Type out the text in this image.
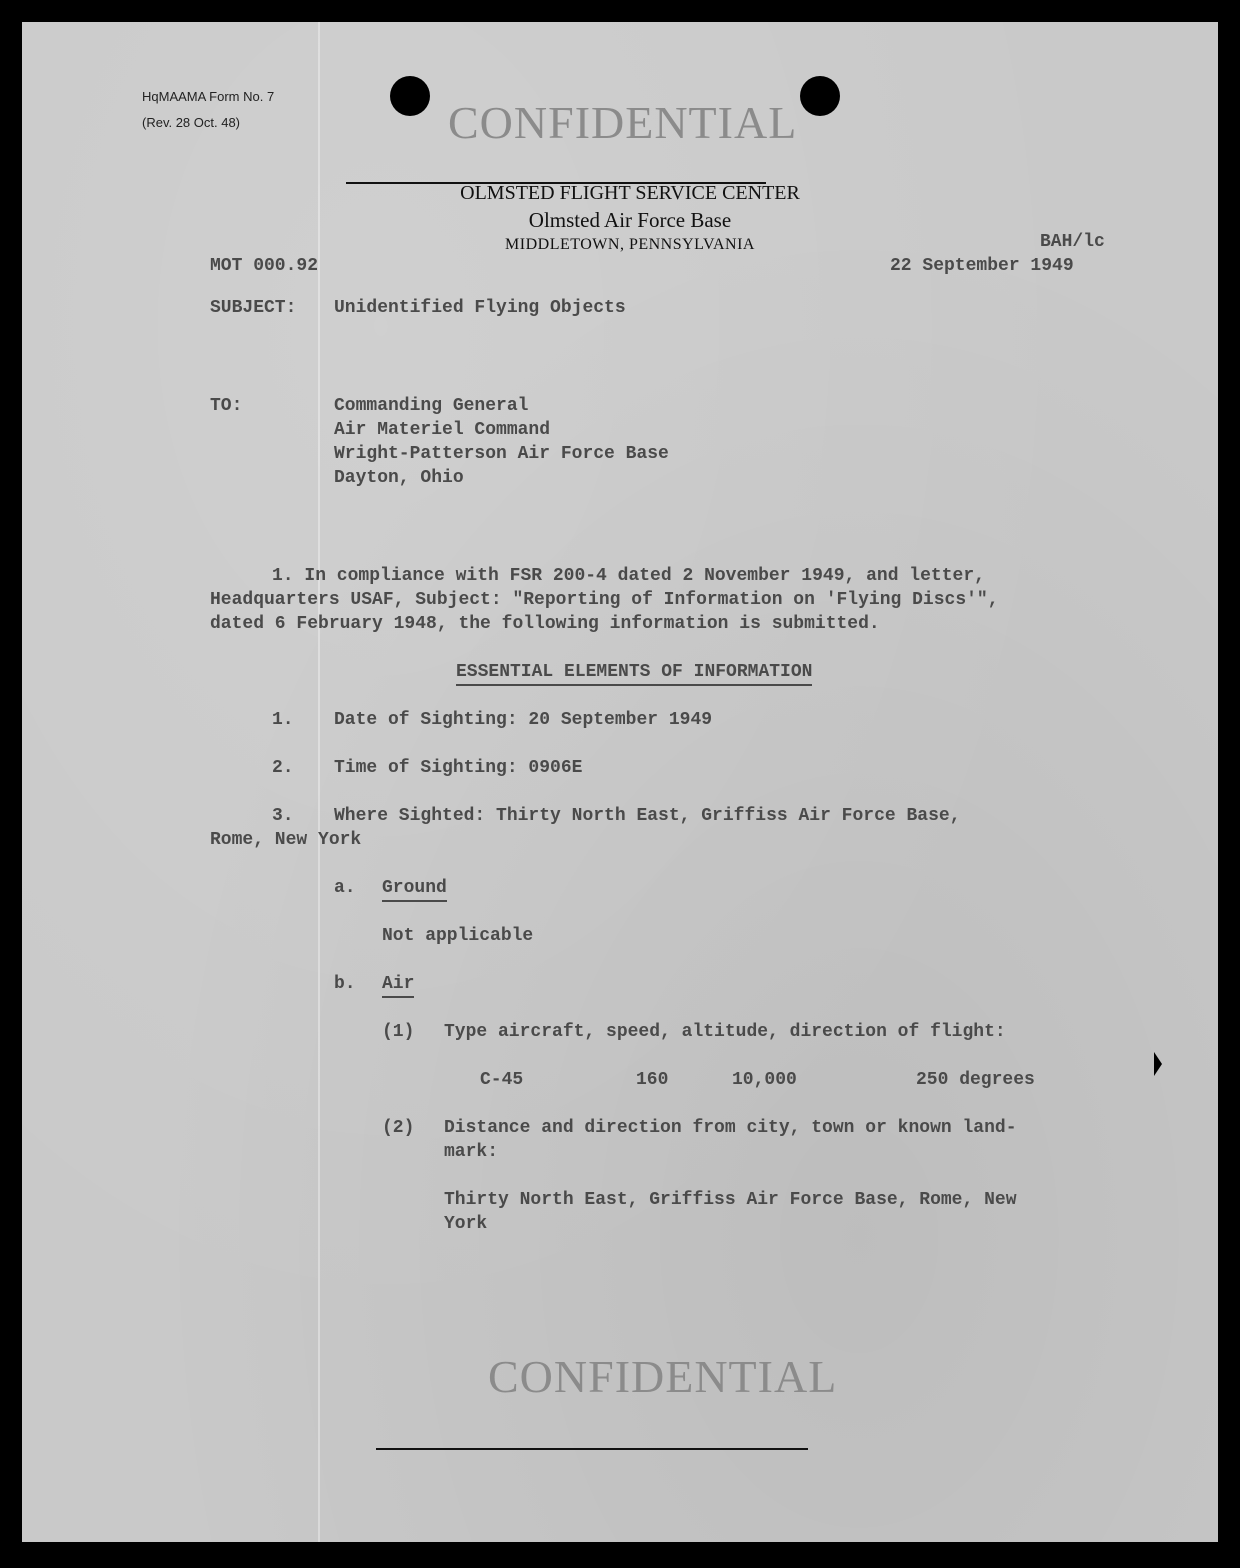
HqMAAMA Form No. 7
(Rev. 28 Oct. 48)	CONFIDENTIAL
OLMSTED FLIGHT SERVICE CENTER
Olmsted Air Force Base
MIDDLETOWN, PENNSYLVANIA	BAH/lc
MOT 000.92	22 September 1949
SUBJECT: Unidentified Flying Objects
TO:	Commanding General
Air Materiel Command
Wright-Patterson Air Force Base
Dayton, Ohio
1. In compliance with FSR 200-4 dated 2 November 1949, and letter,
Headquarters USAF, Subject: "Reporting of Information on 'Flying Discs'",
dated 6 February 1948, the following information is submitted.
ESSENTIAL ELEMENTS OF INFORMATION
1. Date of Sighting: 20 September 1949
2. Time of Sighting: 0906E
3. Where Sighted: Thirty North East, Griffiss Air Force Base,
Rome, New York
a. Ground
Not applicable
b. Air
(1) Type aircraft, speed, altitude, direction of flight:
C-45	160	10,000	250 degrees
(2) Distance and direction from city, town or known land-
mark:
Thirty North East, Griffiss Air Force Base, Rome, New
York
CONFIDENTIAL
